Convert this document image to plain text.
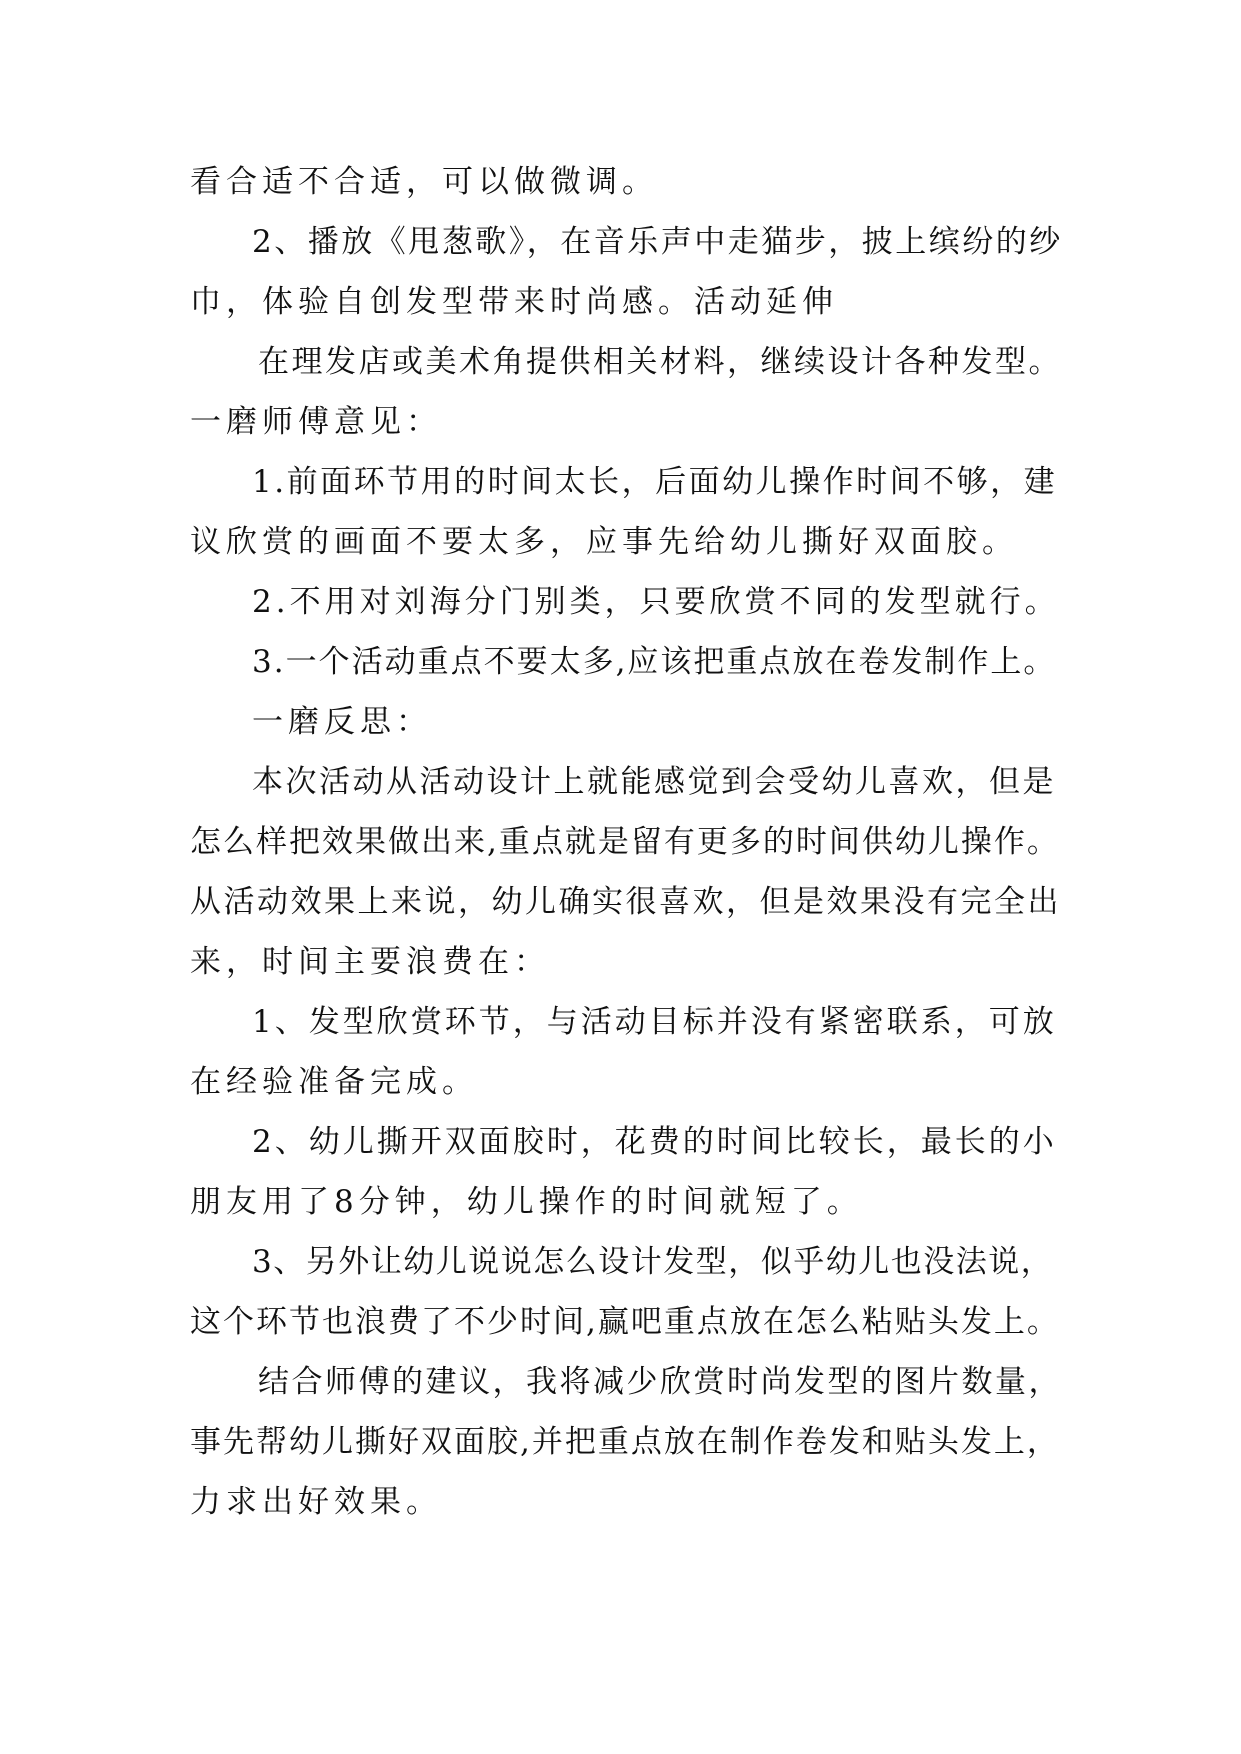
看合适不合适，可以做微调。
2、播放《甩葱歌》，在音乐声中走猫步，披上缤纷的纱
巾，体验自创发型带来时尚感。活动延伸
在理发店或美术角提供相关材料，继续设计各种发型。
一磨师傅意见：
1.前面环节用的时间太长，后面幼儿操作时间不够，建
议欣赏的画面不要太多，应事先给幼儿撕好双面胶。
2.不用对刘海分门别类，只要欣赏不同的发型就行。
3.一个活动重点不要太多,应该把重点放在卷发制作上。
一磨反思：
本次活动从活动设计上就能感觉到会受幼儿喜欢，但是
怎么样把效果做出来,重点就是留有更多的时间供幼儿操作。
从活动效果上来说，幼儿确实很喜欢，但是效果没有完全出
来，时间主要浪费在：
1、发型欣赏环节，与活动目标并没有紧密联系，可放
在经验准备完成。
2、幼儿撕开双面胶时，花费的时间比较长，最长的小
朋友用了8分钟，幼儿操作的时间就短了。
3、另外让幼儿说说怎么设计发型，似乎幼儿也没法说，
这个环节也浪费了不少时间,赢吧重点放在怎么粘贴头发上。
结合师傅的建议，我将减少欣赏时尚发型的图片数量，
事先帮幼儿撕好双面胶,并把重点放在制作卷发和贴头发上，
力求出好效果。
